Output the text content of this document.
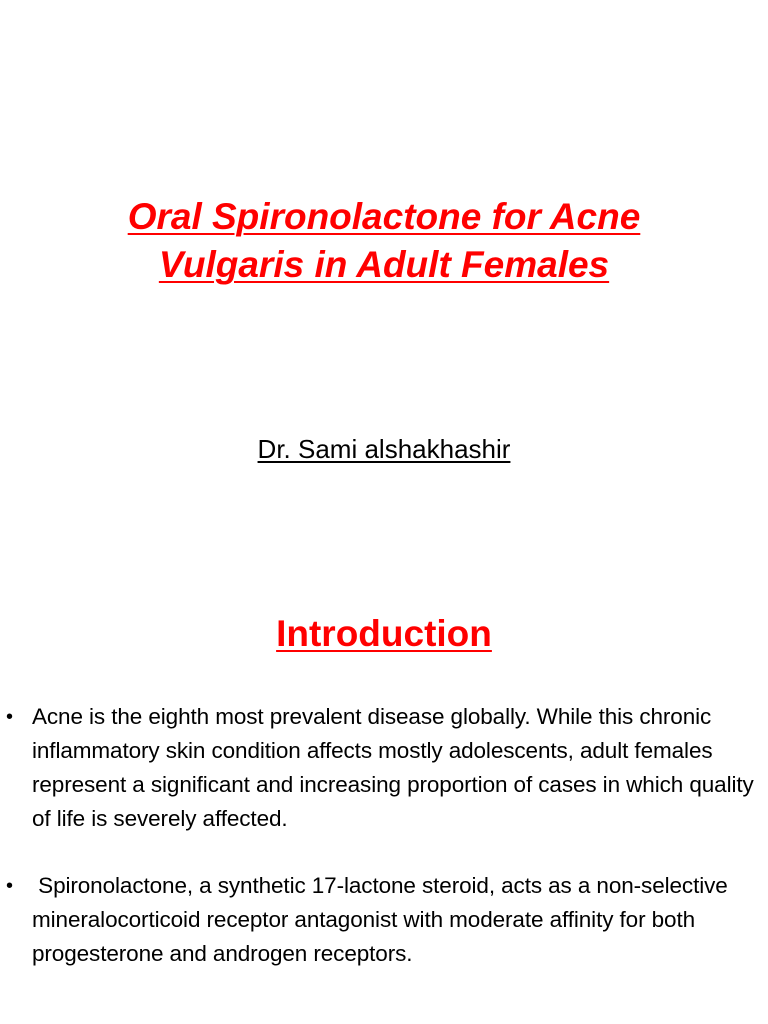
Oral Spironolactone for Acne
Vulgaris in Adult Females

Dr. Sami alshakhashir

Introduction
• Acne is the eighth most prevalent disease globally. While this chronic inflammatory skin condition affects mostly adolescents, adult females represent a significant and increasing proportion of cases in which quality of life is severely affected.
• Spironolactone, a synthetic 17-lactone steroid, acts as a non-selective mineralocorticoid receptor antagonist with moderate affinity for both progesterone and androgen receptors.
